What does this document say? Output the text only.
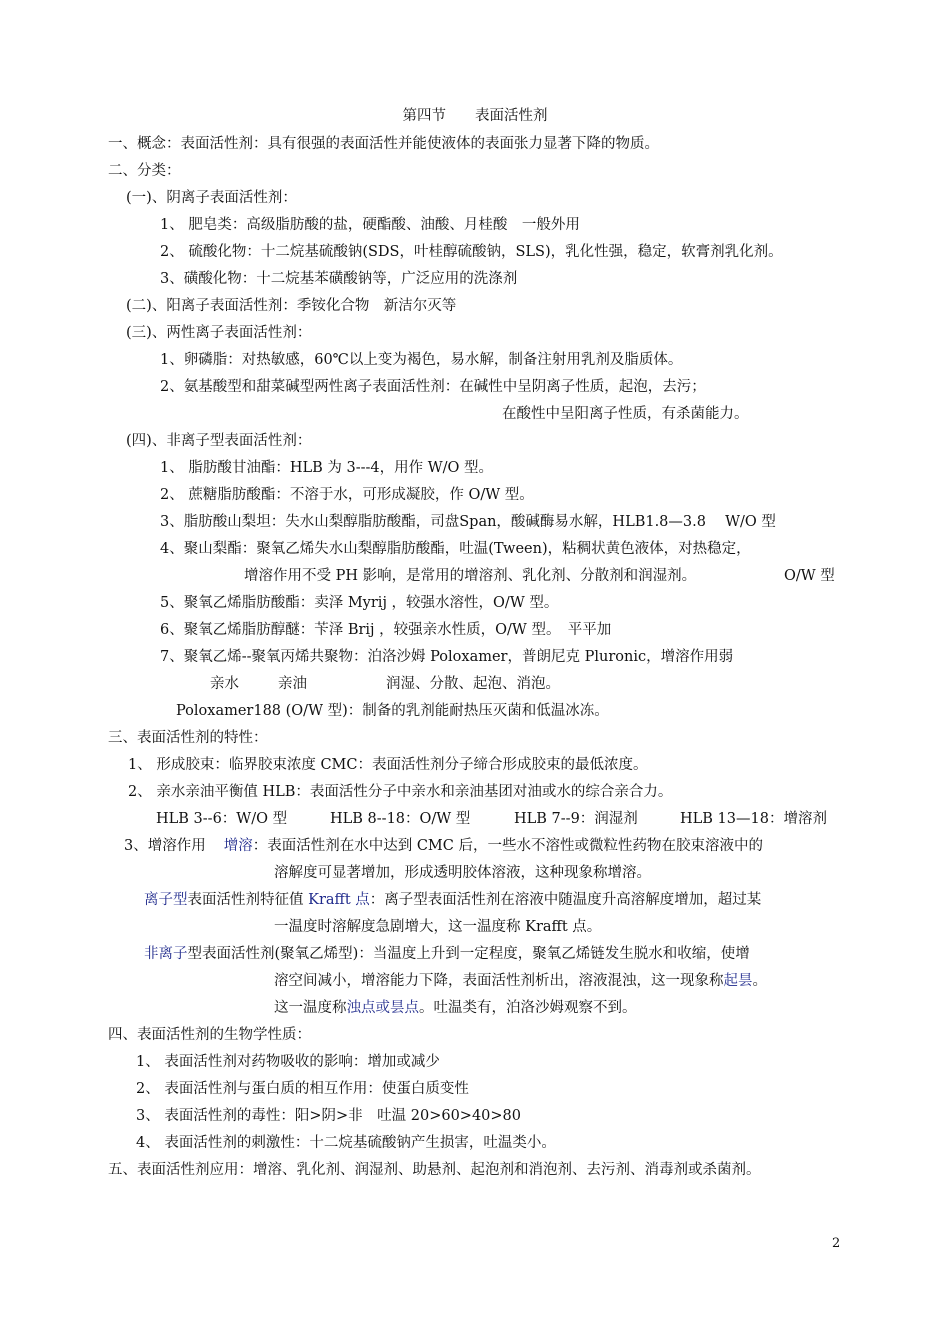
第四节　　表面活性剂
一、概念：表面活性剂：具有很强的表面活性并能使液体的表面张力显著下降的物质。
二、分类：
(一)、阴离子表面活性剂：
1、 肥皂类：高级脂肪酸的盐，硬酯酸、油酸、月桂酸　一般外用
2、 硫酸化物：十二烷基硫酸钠(SDS，叶桂醇硫酸钠，SLS)，乳化性强，稳定，软膏剂乳化剂。
3、磺酸化物：十二烷基苯磺酸钠等，广泛应用的洗涤剂
(二)、阳离子表面活性剂：季铵化合物　新洁尔灭等
(三)、两性离子表面活性剂：
1、卵磷脂：对热敏感，60℃以上变为褐色，易水解，制备注射用乳剂及脂质体。
2、氨基酸型和甜菜碱型两性离子表面活性剂：在碱性中呈阴离子性质，起泡，去污；
在酸性中呈阳离子性质，有杀菌能力。
(四)、非离子型表面活性剂：
1、 脂肪酸甘油酯：HLB 为 3---4，用作 W/O 型。
2、 蔗糖脂肪酸酯：不溶于水，可形成凝胶，作 O/W 型。
3、脂肪酸山梨坦：失水山梨醇脂肪酸酯，司盘Span，酸碱酶易水解，HLB1.8—3.8　 W/O 型
4、聚山梨酯：聚氧乙烯失水山梨醇脂肪酸酯，吐温(Tween)，粘稠状黄色液体，对热稳定，
增溶作用不受 PH 影响，是常用的增溶剂、乳化剂、分散剂和润湿剂。	O/W 型
5、聚氧乙烯脂肪酸酯：卖泽 Myrij ，较强水溶性，O/W 型。
6、聚氧乙烯脂肪醇醚：苄泽 Brij ，较强亲水性质，O/W 型。　平平加
7、聚氧乙烯--聚氧丙烯共聚物：泊洛沙姆 Poloxamer，普朗尼克 Pluronic，增溶作用弱
亲水	亲油	润湿、分散、起泡、消泡。
Poloxamer188 (O/W 型)：制备的乳剂能耐热压灭菌和低温冰冻。
三、表面活性剂的特性：
1、 形成胶束：临界胶束浓度 CMC：表面活性剂分子缔合形成胶束的最低浓度。
2、 亲水亲油平衡值 HLB：表面活性分子中亲水和亲油基团对油或水的综合亲合力。
HLB 3--6：W/O 型	HLB 8--18：O/W 型	HLB 7--9：润湿剂	HLB 13—18：增溶剂
3、增溶作用 增溶：表面活性剂在水中达到 CMC 后，一些水不溶性或微粒性药物在胶束溶液中的
溶解度可显著增加，形成透明胶体溶液，这种现象称增溶。
离子型表面活性剂特征值 Krafft 点：离子型表面活性剂在溶液中随温度升高溶解度增加，超过某
一温度时溶解度急剧增大，这一温度称 Krafft 点。
非离子型表面活性剂(聚氧乙烯型)：当温度上升到一定程度，聚氧乙烯链发生脱水和收缩，使增
溶空间减小，增溶能力下降，表面活性剂析出，溶液混浊，这一现象称起昙。
这一温度称浊点或昙点。吐温类有，泊洛沙姆观察不到。
四、表面活性剂的生物学性质：
1、 表面活性剂对药物吸收的影响：增加或减少
2、 表面活性剂与蛋白质的相互作用：使蛋白质变性
3、 表面活性剂的毒性：阳>阴>非　吐温 20>60>40>80
4、 表面活性剂的刺激性：十二烷基硫酸钠产生损害，吐温类小。
五、表面活性剂应用：增溶、乳化剂、润湿剂、助悬剂、起泡剂和消泡剂、去污剂、消毒剂或杀菌剂。
2
